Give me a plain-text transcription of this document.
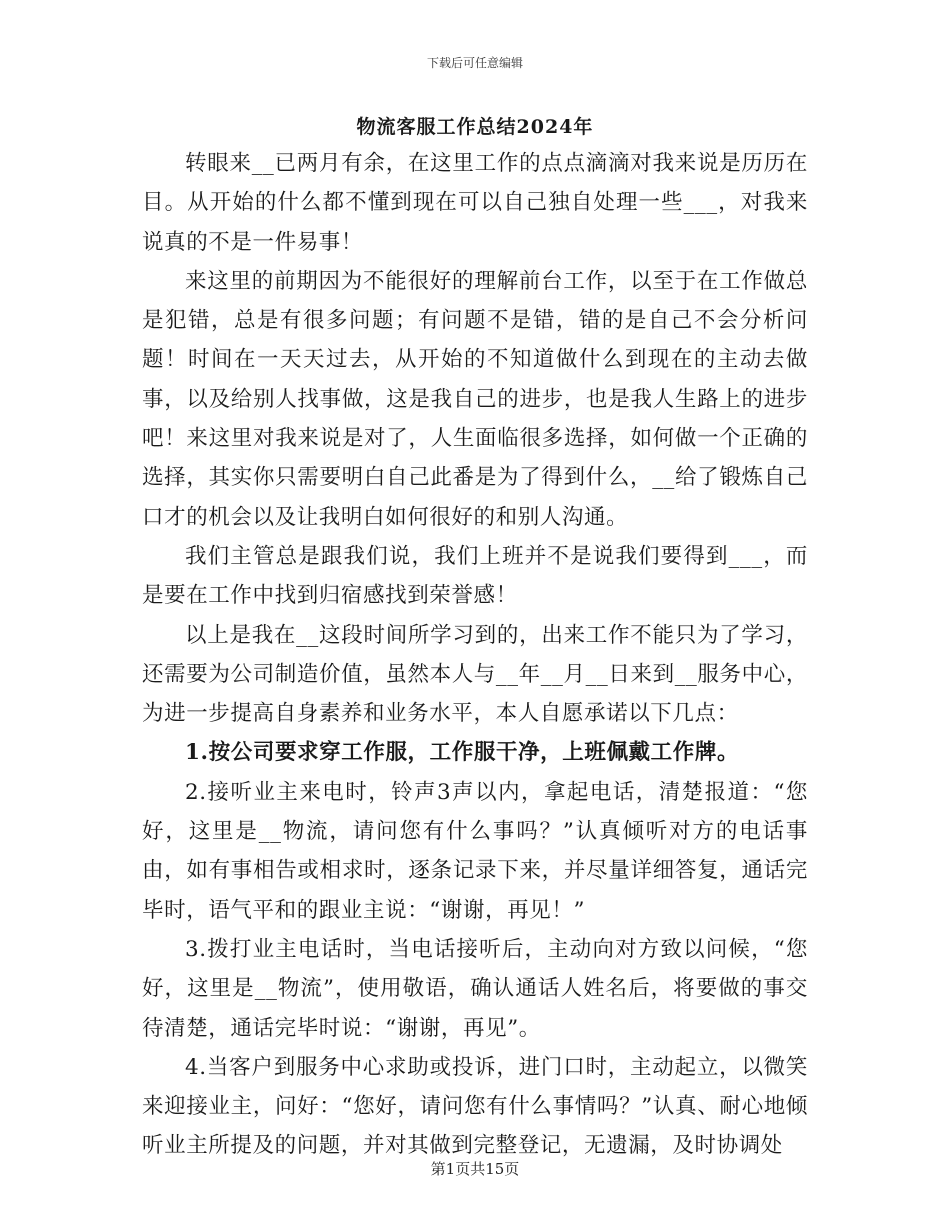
下载后可任意编辑
物流客服工作总结2024年

转眼来__已两月有余，在这里工作的点点滴滴对我来说是历历在目。从开始的什么都不懂到现在可以自己独自处理一些___，对我来说真的不是一件易事！

来这里的前期因为不能很好的理解前台工作，以至于在工作做总是犯错，总是有很多问题；有问题不是错，错的是自己不会分析问题！时间在一天天过去，从开始的不知道做什么到现在的主动去做事，以及给别人找事做，这是我自己的进步，也是我人生路上的进步吧！来这里对我来说是对了，人生面临很多选择，如何做一个正确的选择，其实你只需要明白自己此番是为了得到什么，__给了锻炼自己口才的机会以及让我明白如何很好的和别人沟通。

我们主管总是跟我们说，我们上班并不是说我们要得到___，而是要在工作中找到归宿感找到荣誉感！

以上是我在__这段时间所学习到的，出来工作不能只为了学习，还需要为公司制造价值，虽然本人与__年__月__日来到__服务中心，为进一步提高自身素养和业务水平，本人自愿承诺以下几点：

1.按公司要求穿工作服，工作服干净，上班佩戴工作牌。

2.接听业主来电时，铃声3声以内，拿起电话，清楚报道：“您好，这里是__物流，请问您有什么事吗？”认真倾听对方的电话事由，如有事相告或相求时，逐条记录下来，并尽量详细答复，通话完毕时，语气平和的跟业主说：“谢谢，再见！”

3.拨打业主电话时，当电话接听后，主动向对方致以问候，“您好，这里是__物流”，使用敬语，确认通话人姓名后，将要做的事交待清楚，通话完毕时说：“谢谢，再见”。

4.当客户到服务中心求助或投诉，进门口时，主动起立，以微笑来迎接业主，问好：“您好，请问您有什么事情吗？”认真、耐心地倾听业主所提及的问题，并对其做到完整登记，无遗漏，及时协调处

第1页共15页
